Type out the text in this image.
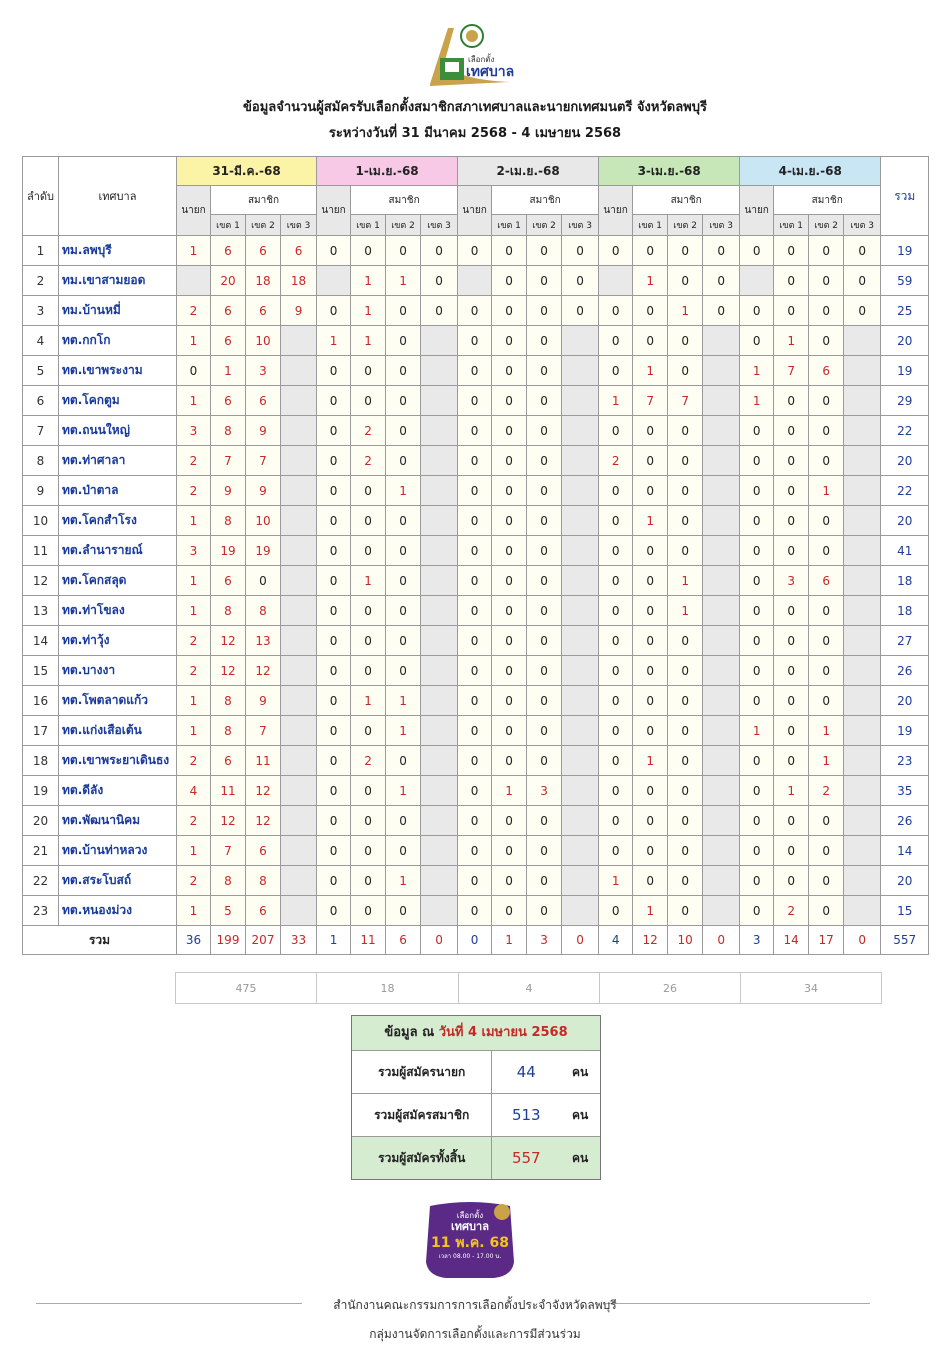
เลือกตั้ง
เทศบาล
ข้อมูลจำนวนผู้สมัครรับเลือกตั้งสมาชิกสภาเทศบาลและนายกเทศมนตรี จังหวัดลพบุรี
ระหว่างวันที่ 31 มีนาคม 2568 - 4 เมษายน 2568
ลำดับ	เทศบาล	31-มี.ค.-68				1-เม.ย.-68				2-เม.ย.-68				3-เม.ย.-68				4-เม.ย.-68				รวม
		นายก	สมาชิก			นายก	สมาชิก			นายก	สมาชิก			นายก	สมาชิก			นายก	สมาชิก			
			เขต 1	เขต 2	เขต 3		เขต 1	เขต 2	เขต 3		เขต 1	เขต 2	เขต 3		เขต 1	เขต 2	เขต 3		เขต 1	เขต 2	เขต 3	
1	ทม.ลพบุรี	1	6	6	6	0	0	0	0	0	0	0	0	0	0	0	0	0	0	0	0	19
2	ทม.เขาสามยอด		20	18	18		1	1	0		0	0	0		1	0	0		0	0	0	59
3	ทม.บ้านหมี่	2	6	6	9	0	1	0	0	0	0	0	0	0	0	1	0	0	0	0	0	25
4	ทต.กกโก	1	6	10		1	1	0		0	0	0		0	0	0		0	1	0		20
5	ทต.เขาพระงาม	0	1	3		0	0	0		0	0	0		0	1	0		1	7	6		19
6	ทต.โคกตูม	1	6	6		0	0	0		0	0	0		1	7	7		1	0	0		29
7	ทต.ถนนใหญ่	3	8	9		0	2	0		0	0	0		0	0	0		0	0	0		22
8	ทต.ท่าศาลา	2	7	7		0	2	0		0	0	0		2	0	0		0	0	0		20
9	ทต.ป่าตาล	2	9	9		0	0	1		0	0	0		0	0	0		0	0	1		22
10	ทต.โคกสำโรง	1	8	10		0	0	0		0	0	0		0	1	0		0	0	0		20
11	ทต.ลำนารายณ์	3	19	19		0	0	0		0	0	0		0	0	0		0	0	0		41
12	ทต.โคกสลุด	1	6	0		0	1	0		0	0	0		0	0	1		0	3	6		18
13	ทต.ท่าโขลง	1	8	8		0	0	0		0	0	0		0	0	1		0	0	0		18
14	ทต.ท่าวุ้ง	2	12	13		0	0	0		0	0	0		0	0	0		0	0	0		27
15	ทต.บางงา	2	12	12		0	0	0		0	0	0		0	0	0		0	0	0		26
16	ทต.โพตลาดแก้ว	1	8	9		0	1	1		0	0	0		0	0	0		0	0	0		20
17	ทต.แก่งเสือเต้น	1	8	7		0	0	1		0	0	0		0	0	0		1	0	1		19
18	ทต.เขาพระยาเดินธง	2	6	11		0	2	0		0	0	0		0	1	0		0	0	1		23
19	ทต.ดีลัง	4	11	12		0	0	1		0	1	3		0	0	0		0	1	2		35
20	ทต.พัฒนานิคม	2	12	12		0	0	0		0	0	0		0	0	0		0	0	0		26
21	ทต.บ้านท่าหลวง	1	7	6		0	0	0		0	0	0		0	0	0		0	0	0		14
22	ทต.สระโบสถ์	2	8	8		0	0	1		0	0	0		1	0	0		0	0	0		20
23	ทต.หนองม่วง	1	5	6		0	0	0		0	0	0		0	1	0		0	2	0		15
รวม		36	199	207	33	1	11	6	0	0	1	3	0	4	12	10	0	3	14	17	0	557
475	18	4	26	34
ข้อมูล ณ วันที่ 4 เมษายน 2568
รวมผู้สมัครนายก	44	คน
รวมผู้สมัครสมาชิก	513	คน
รวมผู้สมัครทั้งสิ้น	557	คน
เลือกตั้ง
เทศบาล
11 พ.ค. 68
เวลา 08.00 - 17.00 น.
สำนักงานคณะกรรมการการเลือกตั้งประจำจังหวัดลพบุรี
กลุ่มงานจัดการเลือกตั้งและการมีส่วนร่วม
